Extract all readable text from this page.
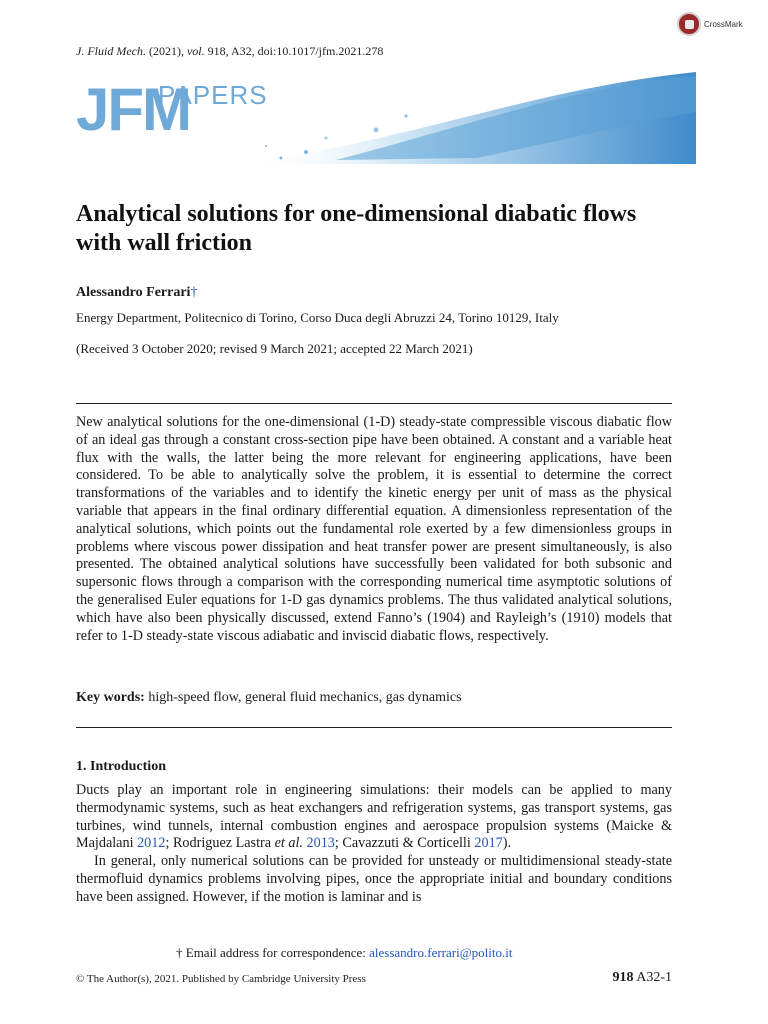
CrossMark
J. Fluid Mech. (2021), vol. 918, A32, doi:10.1017/jfm.2021.278
JFM
PAPERS
Analytical solutions for one-dimensional diabatic flows with wall friction
Alessandro Ferrari†
Energy Department, Politecnico di Torino, Corso Duca degli Abruzzi 24, Torino 10129, Italy
(Received 3 October 2020; revised 9 March 2021; accepted 22 March 2021)

New analytical solutions for the one-dimensional (1-D) steady-state compressible viscous diabatic flow of an ideal gas through a constant cross-section pipe have been obtained. A constant and a variable heat flux with the walls, the latter being the more relevant for engineering applications, have been considered. To be able to analytically solve the problem, it is essential to determine the correct transformations of the variables and to identify the kinetic energy per unit of mass as the physical variable that appears in the final ordinary differential equation. A dimensionless representation of the analytical solutions, which points out the fundamental role exerted by a few dimensionless groups in problems where viscous power dissipation and heat transfer power are present simultaneously, is also presented. The obtained analytical solutions have successfully been validated for both subsonic and supersonic flows through a comparison with the corresponding numerical time asymptotic solutions of the generalised Euler equations for 1-D gas dynamics problems. The thus validated analytical solutions, which have also been physically discussed, extend Fanno’s (1904) and Rayleigh’s (1910) models that refer to 1-D steady-state viscous adiabatic and inviscid diabatic flows, respectively.

Key words: high-speed flow, general fluid mechanics, gas dynamics
1. Introduction

Ducts play an important role in engineering simulations: their models can be applied to many thermodynamic systems, such as heat exchangers and refrigeration systems, gas transport systems, gas turbines, wind tunnels, internal combustion engines and aerospace propulsion systems (Maicke & Majdalani 2012; Rodriguez Lastra et al. 2013; Cavazzuti & Corticelli 2017).

In general, only numerical solutions can be provided for unsteady or multidimensional steady-state thermofluid dynamics problems involving pipes, once the appropriate initial and boundary conditions have been assigned. However, if the motion is laminar and is

† Email address for correspondence: alessandro.ferrari@polito.it
© The Author(s), 2021. Published by Cambridge University Press	918 A32-1
